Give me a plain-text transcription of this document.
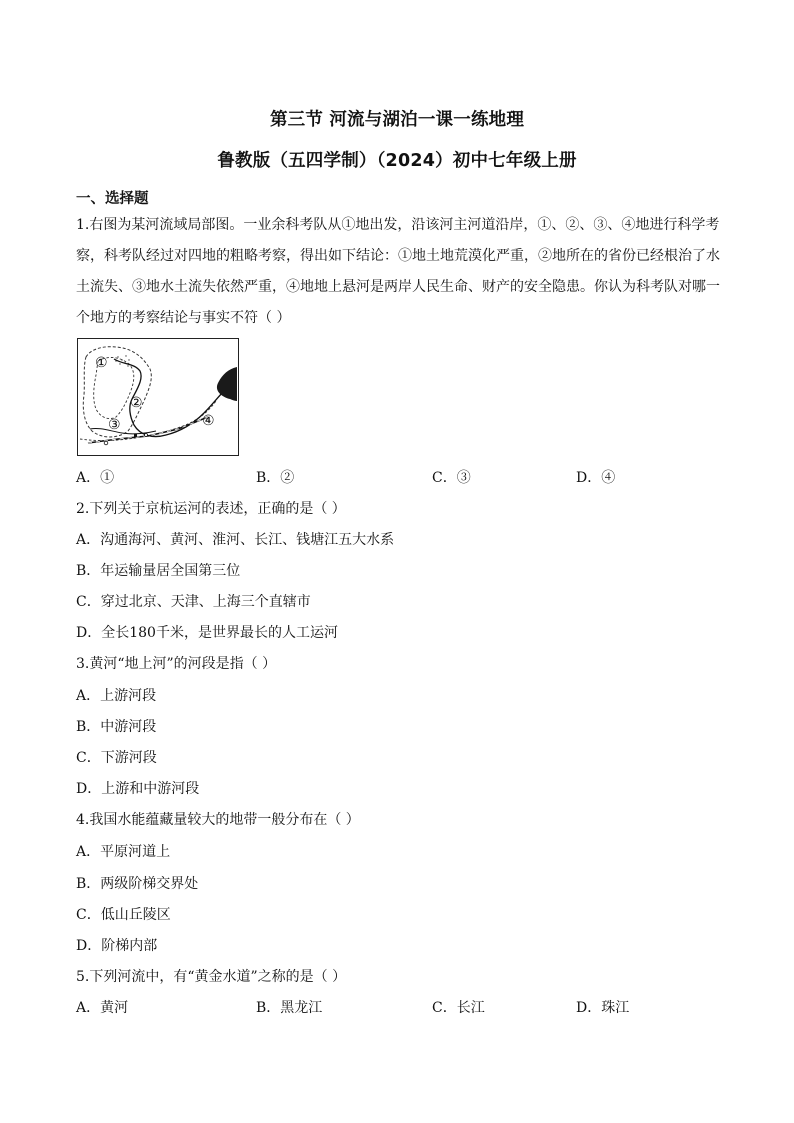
第三节 河流与湖泊一课一练地理
鲁教版（五四学制）（2024）初中七年级上册
一、选择题
1.右图为某河流域局部图。一业余科考队从①地出发，沿该河主河道沿岸，①、②、③、④地进行科学考察，科考队经过对四地的粗略考察，得出如下结论：①地土地荒漠化严重，②地所在的省份已经根治了水土流失、③地水土流失依然严重，④地地上悬河是两岸人民生命、财产的安全隐患。你认为科考队对哪一个地方的考察结论与事实不符（ ）
①
②
③	④
A．①	B．②	C．③	D．④
2.下列关于京杭运河的表述，正确的是（ ）
A．沟通海河、黄河、淮河、长江、钱塘江五大水系
B．年运输量居全国第三位
C．穿过北京、天津、上海三个直辖市
D．全长180千米，是世界最长的人工运河
3.黄河“地上河”的河段是指（ ）
A．上游河段
B．中游河段
C．下游河段
D．上游和中游河段
4.我国水能蕴藏量较大的地带一般分布在（ ）
A．平原河道上
B．两级阶梯交界处
C．低山丘陵区
D．阶梯内部
5.下列河流中，有“黄金水道”之称的是（ ）
A．黄河	B．黑龙江	C．长江	D．珠江
